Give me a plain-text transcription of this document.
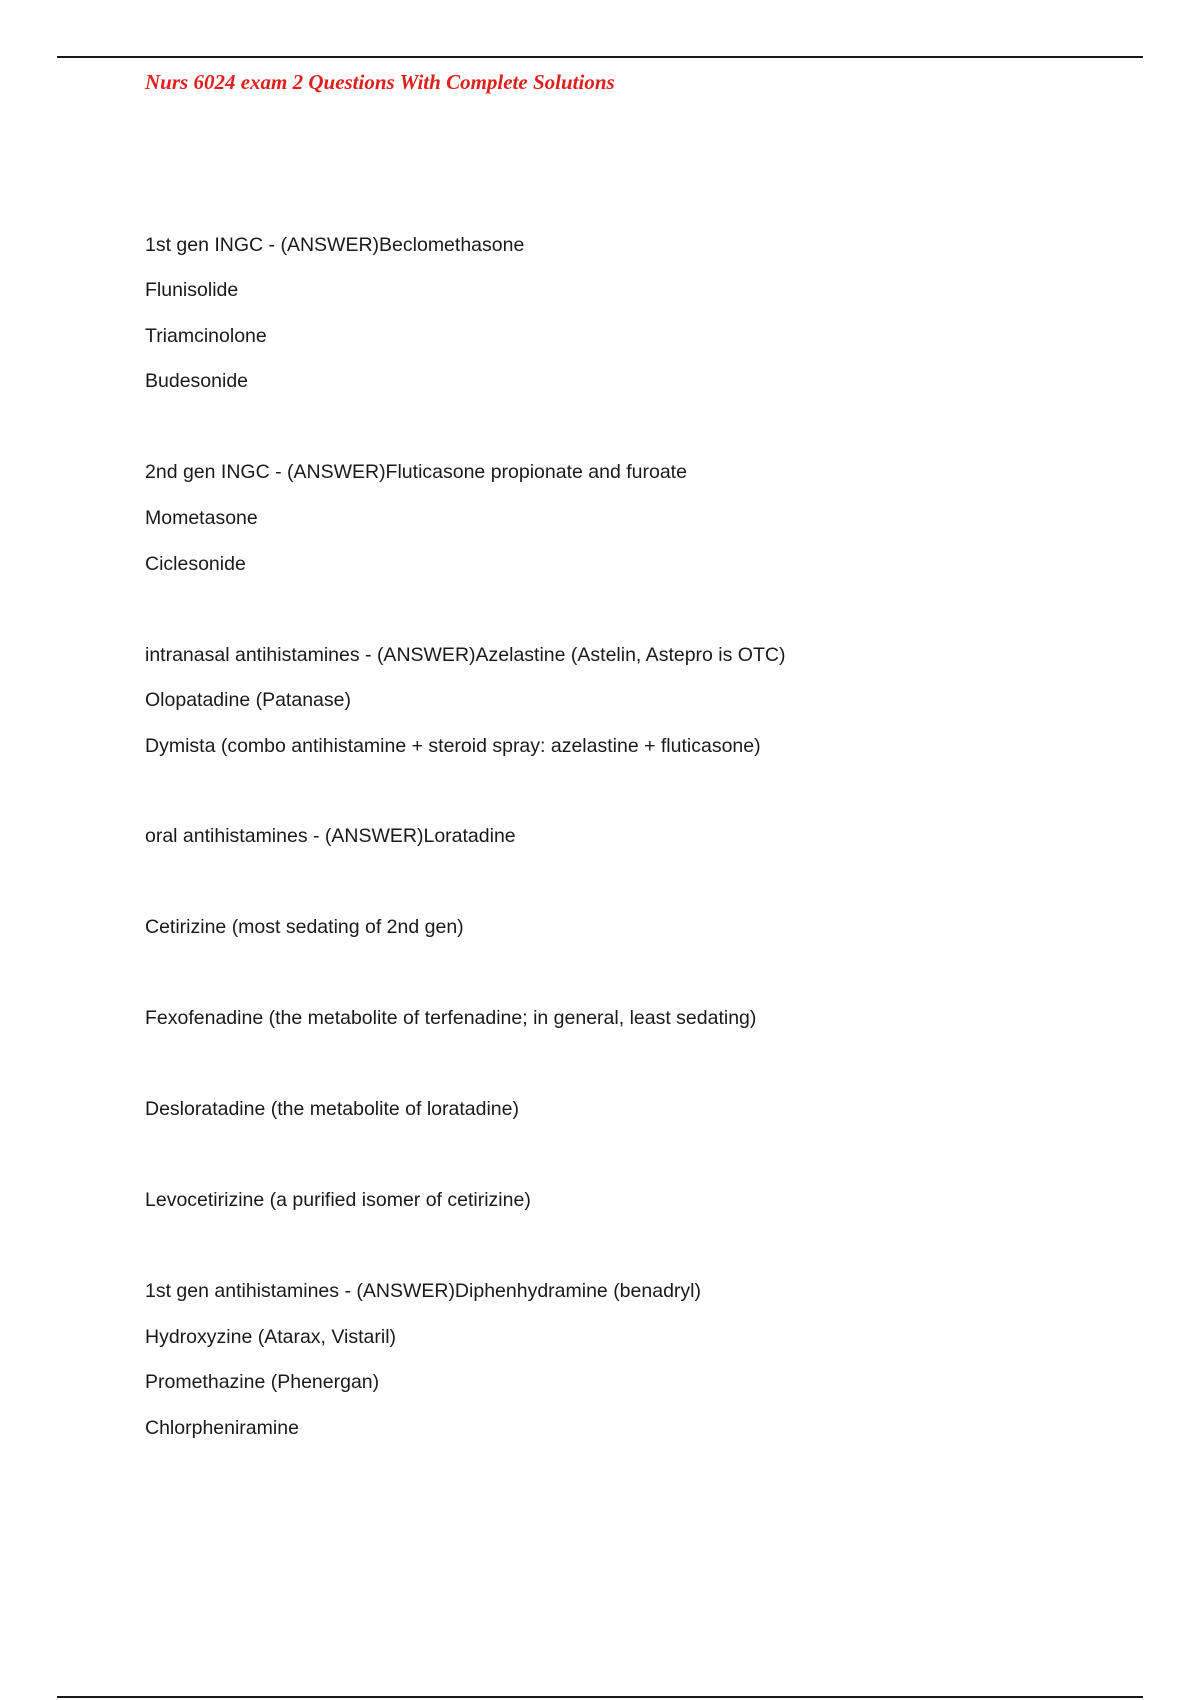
Nurs 6024 exam 2 Questions With Complete Solutions

1st gen INGC - (ANSWER)Beclomethasone

Flunisolide

Triamcinolone

Budesonide

2nd gen INGC - (ANSWER)Fluticasone propionate and furoate

Mometasone

Ciclesonide

intranasal antihistamines - (ANSWER)Azelastine (Astelin, Astepro is OTC)

Olopatadine (Patanase)

Dymista (combo antihistamine + steroid spray: azelastine + fluticasone)

oral antihistamines - (ANSWER)Loratadine

Cetirizine (most sedating of 2nd gen)

Fexofenadine (the metabolite of terfenadine; in general, least sedating)

Desloratadine (the metabolite of loratadine)

Levocetirizine (a purified isomer of cetirizine)

1st gen antihistamines - (ANSWER)Diphenhydramine (benadryl)

Hydroxyzine (Atarax, Vistaril)

Promethazine (Phenergan)

Chlorpheniramine
